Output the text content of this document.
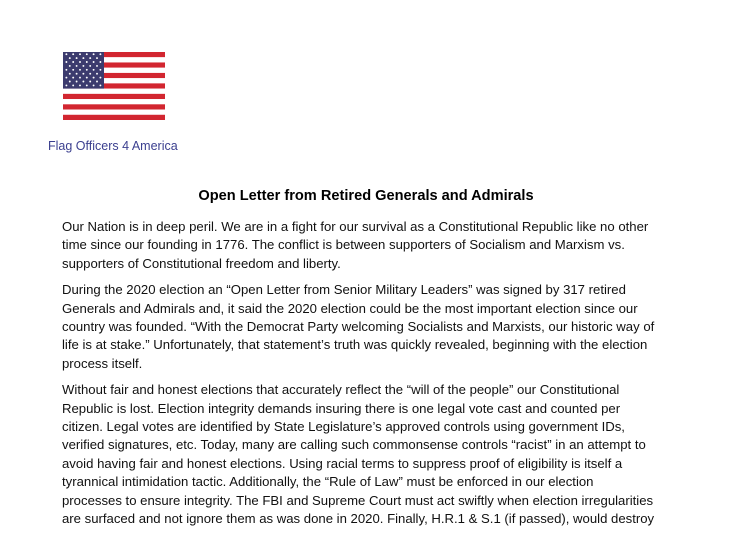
Flag Officers 4 America
Open Letter from Retired Generals and Admirals

Our Nation is in deep peril. We are in a fight for our survival as a Constitutional Republic like no other
time since our founding in 1776. The conflict is between supporters of Socialism and Marxism vs.
supporters of Constitutional freedom and liberty.

During the 2020 election an “Open Letter from Senior Military Leaders” was signed by 317 retired
Generals and Admirals and, it said the 2020 election could be the most important election since our
country was founded. “With the Democrat Party welcoming Socialists and Marxists, our historic way of
life is at stake.” Unfortunately, that statement’s truth was quickly revealed, beginning with the election
process itself.

Without fair and honest elections that accurately reflect the “will of the people” our Constitutional
Republic is lost. Election integrity demands insuring there is one legal vote cast and counted per
citizen. Legal votes are identified by State Legislature’s approved controls using government IDs,
verified signatures, etc. Today, many are calling such commonsense controls “racist” in an attempt to
avoid having fair and honest elections. Using racial terms to suppress proof of eligibility is itself a
tyrannical intimidation tactic. Additionally, the “Rule of Law” must be enforced in our election
processes to ensure integrity. The FBI and Supreme Court must act swiftly when election irregularities
are surfaced and not ignore them as was done in 2020. Finally, H.R.1 & S.1 (if passed), would destroy
